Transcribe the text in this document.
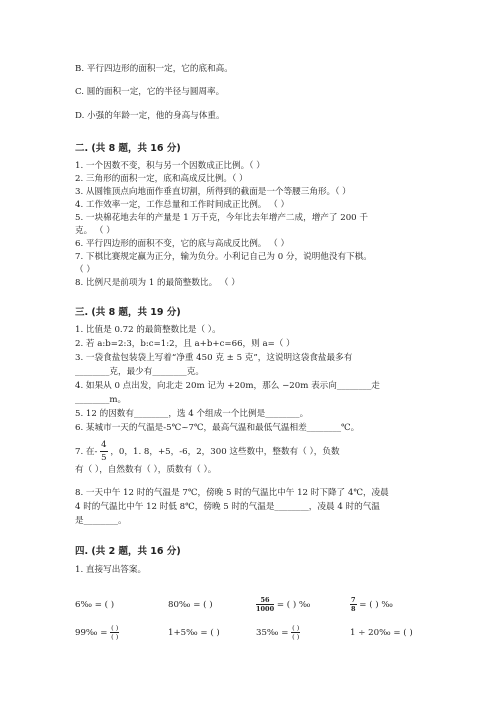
B. 平行四边形的面积一定，它的底和高。
C. 圆的面积一定，它的半径与圆周率。
D. 小强的年龄一定，他的身高与体重。
二. (共 8 题，共 16 分)
1. 一个因数不变，积与另一个因数成正比例。（ ）
2. 三角形的面积一定，底和高成反比例。（ ）
3. 从圆锥顶点向地面作垂直切割，所得到的截面是一个等腰三角形。（ ）
4. 工作效率一定，工作总量和工作时间成正比例。 （ ）
5. 一块棉花地去年的产量是 1 万千克，今年比去年增产二成，增产了 200 千
克。 （ ）
6. 平行四边形的面积不变，它的底与高成反比例。 （ ）
7. 下棋比赛规定赢为正分，输为负分。小利记自己为 0 分，说明他没有下棋。
（ ）
8. 比例尺是前项为 1 的最简整数比。 （ ）
三. (共 8 题，共 19 分)
1. 比值是 0.72 的最简整数比是（ ）。
2. 若 a:b=2:3，b:c=1:2，且 a+b+c=66，则 a=（ ）
3. 一袋食盐包装袋上写着“净重 450 克 ± 5 克”，这说明这袋食盐最多有
________克，最少有________克。
4. 如果从 0 点出发，向北走 20m 记为 +20m，那么 −20m 表示向________走
________m。
5. 12 的因数有________，选 4 个组成一个比例是________。
6. 某城市一天的气温是-5℃~7℃，最高气温和最低气温相差________℃。
7. 在- $\frac{4}{5}$ ，0，1. 8，+5，-6，2，300 这些数中，整数有（ ），负数
有（ ），自然数有（ ），质数有（ ）。
8. 一天中午 12 时的气温是 7℃，傍晚 5 时的气温比中午 12 时下降了 4℃，凌晨
4 时的气温比中午 12 时低 8℃，傍晚 5 时的气温是________，凌晨 4 时的气温
是________。
四. (共 2 题，共 16 分)
1. 直接写出答案。
6‰ = ( )	80‰ = ( )	$\frac{56}{1000}$ = ( ) ‰	$\frac{7}{8}$ = ( ) ‰
99‰ = $\frac{( )}{( )}$	1+5‰ = ( )	35‰ = $\frac{( )}{( )}$	1 ÷ 20‰ = ( )
